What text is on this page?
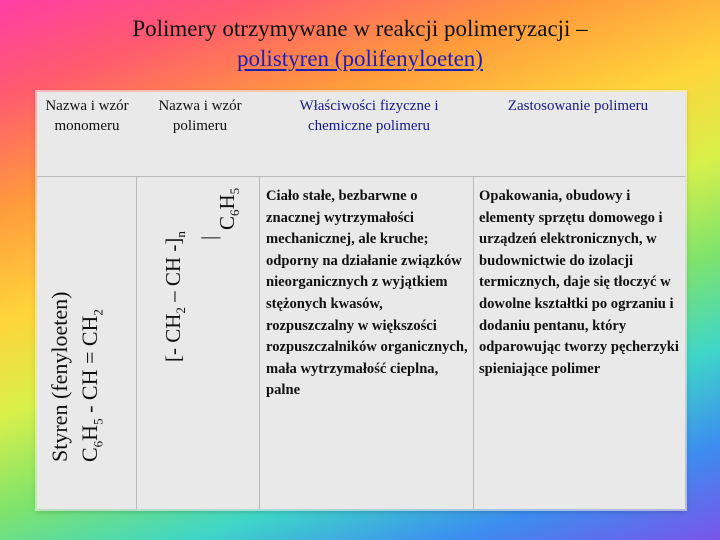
Polimery otrzymywane w reakcji polimeryzacji –
polistyren (polifenyloeten)
Nazwa i wzór monomeru
Nazwa i wzór polimeru
Właściwości fizyczne i chemiczne polimeru
Zastosowanie polimeru
Styren (fenyloeten) $C_6H_5$ - CH = $CH_2$
[- $CH_2$ – CH $-]_n$
|
$C_6H_5$	Ciało stałe, bezbarwne o znacznej wytrzymałości mechanicznej, ale kruche; odporny na działanie związków nieorganicznych z wyjątkiem stężonych kwasów, rozpuszczalny w większości rozpuszczalników organicznych, mała wytrzymałość cieplna, palne
Opakowania, obudowy i elementy sprzętu domowego i urządzeń elektronicznych, w budownictwie do izolacji termicznych, daje się tłoczyć w dowolne kształtki po ogrzaniu i dodaniu pentanu, który odparowując tworzy pęcherzyki spieniające polimer
